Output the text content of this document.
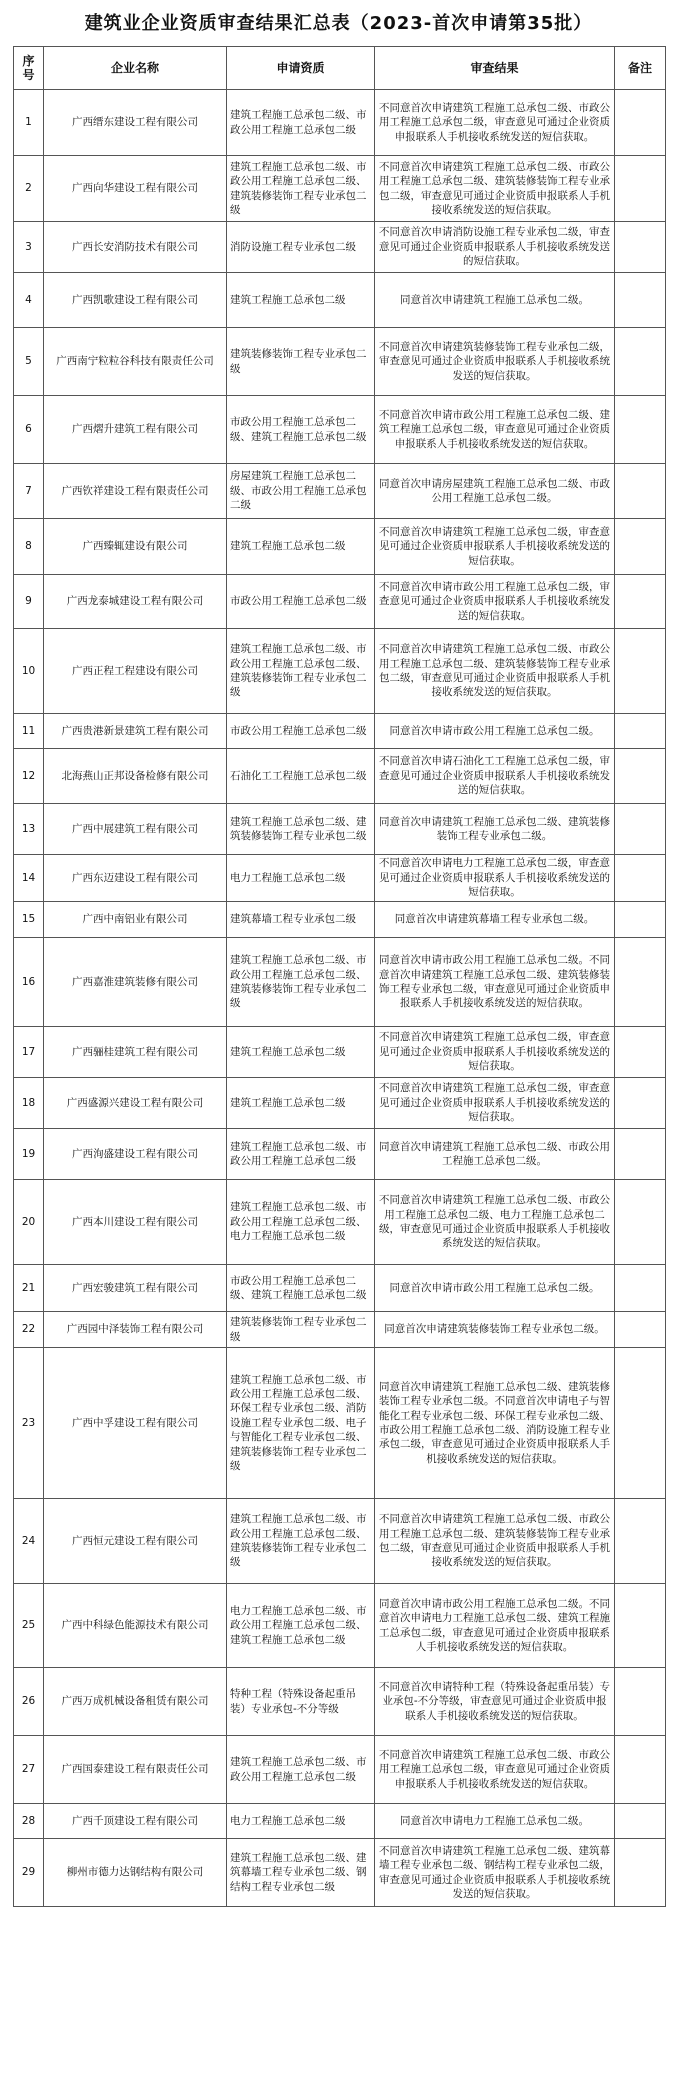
建筑业企业资质审查结果汇总表（2023-首次申请第35批）
序号	企业名称	申请资质	审查结果	备注
1	广西缙东建设工程有限公司	建筑工程施工总承包二级、市政公用工程施工总承包二级	不同意首次申请建筑工程施工总承包二级、市政公用工程施工总承包二级，审查意见可通过企业资质申报联系人手机接收系统发送的短信获取。	
2	广西向华建设工程有限公司	建筑工程施工总承包二级、市政公用工程施工总承包二级、建筑装修装饰工程专业承包二级	不同意首次申请建筑工程施工总承包二级、市政公用工程施工总承包二级、建筑装修装饰工程专业承包二级，审查意见可通过企业资质申报联系人手机接收系统发送的短信获取。	
3	广西长安消防技术有限公司	消防设施工程专业承包二级	不同意首次申请消防设施工程专业承包二级，审查意见可通过企业资质申报联系人手机接收系统发送的短信获取。	
4	广西凯歌建设工程有限公司	建筑工程施工总承包二级	同意首次申请建筑工程施工总承包二级。	
5	广西南宁粒粒谷科技有限责任公司	建筑装修装饰工程专业承包二级	不同意首次申请建筑装修装饰工程专业承包二级，审查意见可通过企业资质申报联系人手机接收系统发送的短信获取。	
6	广西熠升建筑工程有限公司	市政公用工程施工总承包二级、建筑工程施工总承包二级	不同意首次申请市政公用工程施工总承包二级、建筑工程施工总承包二级，审查意见可通过企业资质申报联系人手机接收系统发送的短信获取。	
7	广西钦祥建设工程有限责任公司	房屋建筑工程施工总承包二级、市政公用工程施工总承包二级	同意首次申请房屋建筑工程施工总承包二级、市政公用工程施工总承包二级。	
8	广西臻辄建设有限公司	建筑工程施工总承包二级	不同意首次申请建筑工程施工总承包二级，审查意见可通过企业资质申报联系人手机接收系统发送的短信获取。	
9	广西龙泰城建设工程有限公司	市政公用工程施工总承包二级	不同意首次申请市政公用工程施工总承包二级，审查意见可通过企业资质申报联系人手机接收系统发送的短信获取。	
10	广西正程工程建设有限公司	建筑工程施工总承包二级、市政公用工程施工总承包二级、建筑装修装饰工程专业承包二级	不同意首次申请建筑工程施工总承包二级、市政公用工程施工总承包二级、建筑装修装饰工程专业承包二级，审查意见可通过企业资质申报联系人手机接收系统发送的短信获取。	
11	广西贵港新景建筑工程有限公司	市政公用工程施工总承包二级	同意首次申请市政公用工程施工总承包二级。	
12	北海燕山正邦设备检修有限公司	石油化工工程施工总承包二级	不同意首次申请石油化工工程施工总承包二级，审查意见可通过企业资质申报联系人手机接收系统发送的短信获取。	
13	广西中展建筑工程有限公司	建筑工程施工总承包二级、建筑装修装饰工程专业承包二级	同意首次申请建筑工程施工总承包二级、建筑装修装饰工程专业承包二级。	
14	广西东迈建设工程有限公司	电力工程施工总承包二级	不同意首次申请电力工程施工总承包二级，审查意见可通过企业资质申报联系人手机接收系统发送的短信获取。	
15	广西中南铝业有限公司	建筑幕墙工程专业承包二级	同意首次申请建筑幕墙工程专业承包二级。	
16	广西嘉淮建筑装修有限公司	建筑工程施工总承包二级、市政公用工程施工总承包二级、建筑装修装饰工程专业承包二级	同意首次申请市政公用工程施工总承包二级。不同意首次申请建筑工程施工总承包二级、建筑装修装饰工程专业承包二级，审查意见可通过企业资质申报联系人手机接收系统发送的短信获取。	
17	广西骊桂建筑工程有限公司	建筑工程施工总承包二级	不同意首次申请建筑工程施工总承包二级，审查意见可通过企业资质申报联系人手机接收系统发送的短信获取。	
18	广西盛源兴建设工程有限公司	建筑工程施工总承包二级	不同意首次申请建筑工程施工总承包二级，审查意见可通过企业资质申报联系人手机接收系统发送的短信获取。	
19	广西洵盛建设工程有限公司	建筑工程施工总承包二级、市政公用工程施工总承包二级	同意首次申请建筑工程施工总承包二级、市政公用工程施工总承包二级。	
20	广西本川建设工程有限公司	建筑工程施工总承包二级、市政公用工程施工总承包二级、电力工程施工总承包二级	不同意首次申请建筑工程施工总承包二级、市政公用工程施工总承包二级、电力工程施工总承包二级，审查意见可通过企业资质申报联系人手机接收系统发送的短信获取。	
21	广西宏骏建筑工程有限公司	市政公用工程施工总承包二级、建筑工程施工总承包二级	同意首次申请市政公用工程施工总承包二级。	
22	广西园中泽装饰工程有限公司	建筑装修装饰工程专业承包二级	同意首次申请建筑装修装饰工程专业承包二级。	
23	广西中孚建设工程有限公司	建筑工程施工总承包二级、市政公用工程施工总承包二级、环保工程专业承包二级、消防设施工程专业承包二级、电子与智能化工程专业承包二级、建筑装修装饰工程专业承包二级	同意首次申请建筑工程施工总承包二级、建筑装修装饰工程专业承包二级。不同意首次申请电子与智能化工程专业承包二级、环保工程专业承包二级、市政公用工程施工总承包二级、消防设施工程专业承包二级，审查意见可通过企业资质申报联系人手机接收系统发送的短信获取。	
24	广西恒元建设工程有限公司	建筑工程施工总承包二级、市政公用工程施工总承包二级、建筑装修装饰工程专业承包二级	不同意首次申请建筑工程施工总承包二级、市政公用工程施工总承包二级、建筑装修装饰工程专业承包二级，审查意见可通过企业资质申报联系人手机接收系统发送的短信获取。	
25	广西中科绿色能源技术有限公司	电力工程施工总承包二级、市政公用工程施工总承包二级、建筑工程施工总承包二级	同意首次申请市政公用工程施工总承包二级。不同意首次申请电力工程施工总承包二级、建筑工程施工总承包二级，审查意见可通过企业资质申报联系人手机接收系统发送的短信获取。	
26	广西万成机械设备租赁有限公司	特种工程（特殊设备起重吊装）专业承包-不分等级	不同意首次申请特种工程（特殊设备起重吊装）专业承包-不分等级，审查意见可通过企业资质申报联系人手机接收系统发送的短信获取。	
27	广西国泰建设工程有限责任公司	建筑工程施工总承包二级、市政公用工程施工总承包二级	不同意首次申请建筑工程施工总承包二级、市政公用工程施工总承包二级，审查意见可通过企业资质申报联系人手机接收系统发送的短信获取。	
28	广西千顶建设工程有限公司	电力工程施工总承包二级	同意首次申请电力工程施工总承包二级。	
29	柳州市德力达钢结构有限公司	建筑工程施工总承包二级、建筑幕墙工程专业承包二级、钢结构工程专业承包二级	不同意首次申请建筑工程施工总承包二级、建筑幕墙工程专业承包二级、钢结构工程专业承包二级，审查意见可通过企业资质申报联系人手机接收系统发送的短信获取。	
